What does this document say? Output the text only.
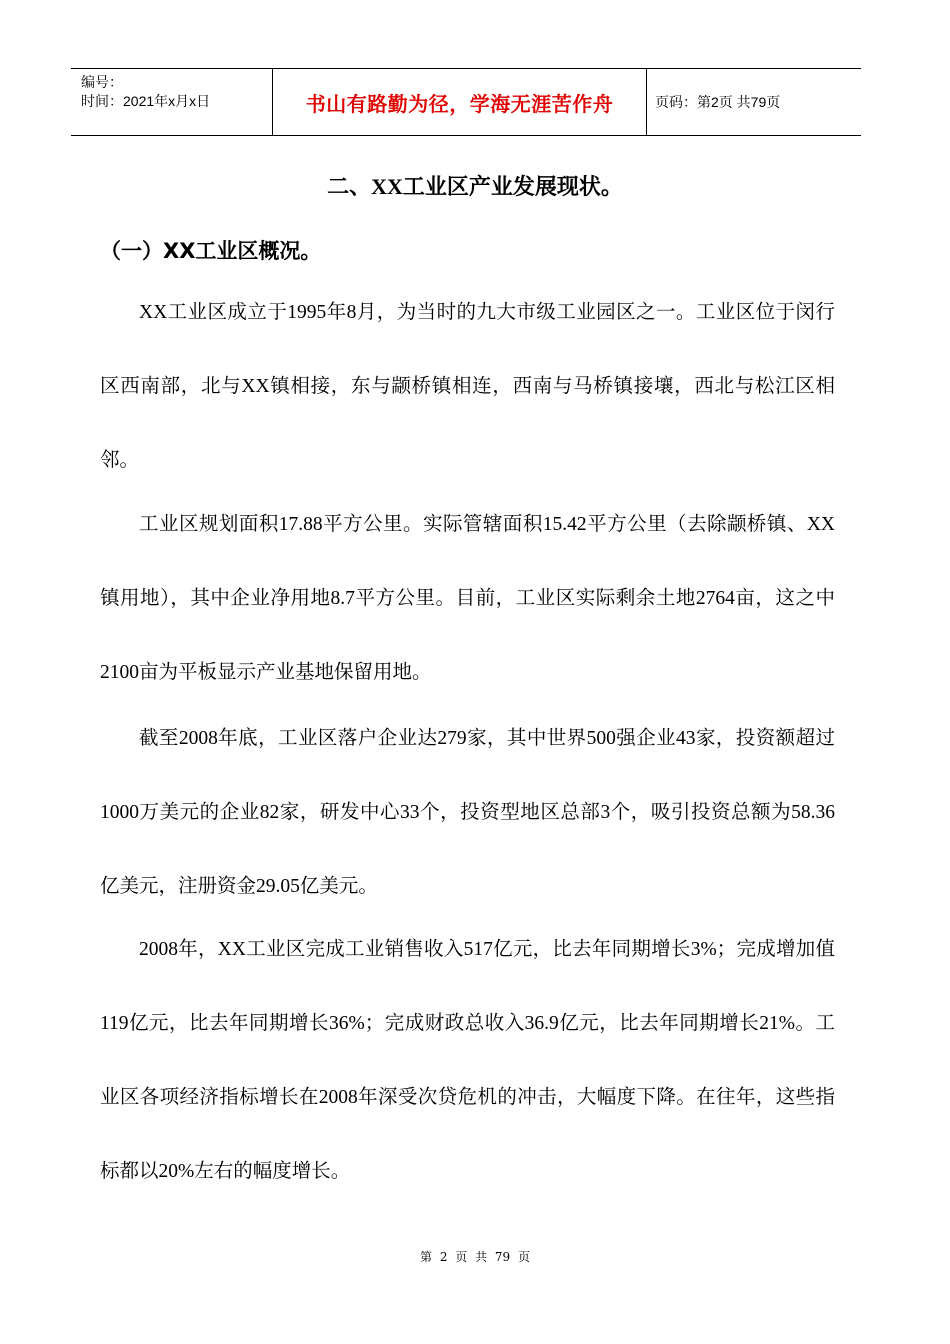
编号：
时间：2021年x月x日	书山有路勤为径，学海无涯苦作舟	页码：第2页 共79页
二、XX工业区产业发展现状。
（一）XX工业区概况。

XX工业区成立于1995年8月，为当时的九大市级工业园区之一。工业区位于闵行区西南部，北与XX镇相接，东与颛桥镇相连，西南与马桥镇接壤，西北与松江区相邻。

工业区规划面积17.88平方公里。实际管辖面积15.42平方公里（去除颛桥镇、XX镇用地），其中企业净用地8.7平方公里。目前，工业区实际剩余土地2764亩，这之中2100亩为平板显示产业基地保留用地。

截至2008年底，工业区落户企业达279家，其中世界500强企业43家，投资额超过1000万美元的企业82家，研发中心33个，投资型地区总部3个，吸引投资总额为58.36亿美元，注册资金29.05亿美元。

2008年，XX工业区完成工业销售收入517亿元，比去年同期增长3%；完成增加值119亿元，比去年同期增长36%；完成财政总收入36.9亿元，比去年同期增长21%。工业区各项经济指标增长在2008年深受次贷危机的冲击，大幅度下降。在往年，这些指标都以20%左右的幅度增长。

第 2 页 共 79 页
